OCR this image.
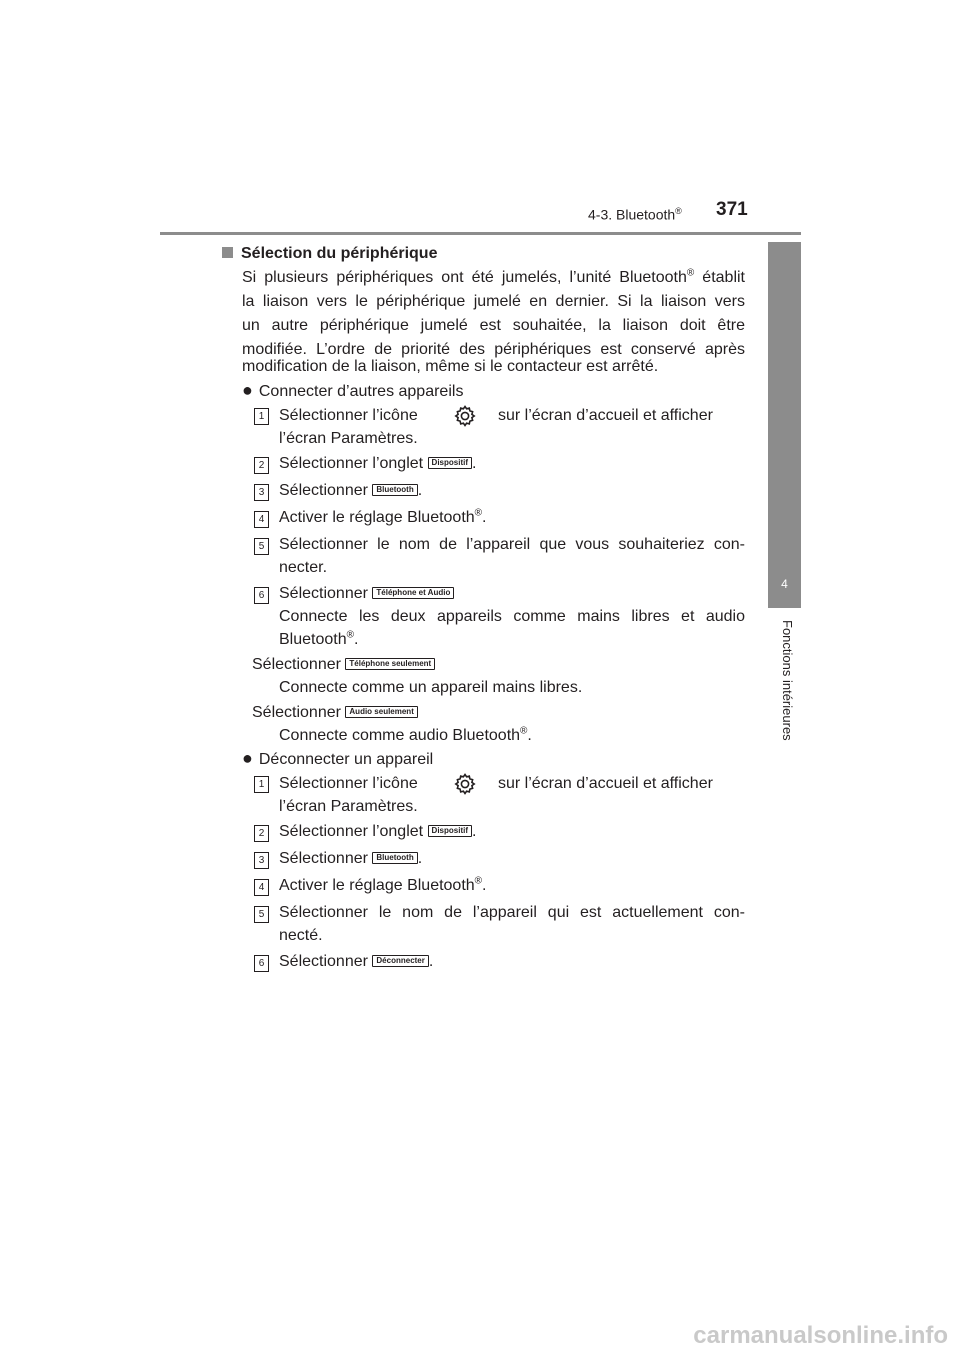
4-3. Bluetooth® 371
4
Fonctions intérieures
Sélection du périphérique
Si plusieurs périphériques ont été jumelés, l’unité Bluetooth® établit
la liaison vers le périphérique jumelé en dernier. Si la liaison vers
un autre périphérique jumelé est souhaitée, la liaison doit être
modifiée. L’ordre de priorité des périphériques est conservé après
modification de la liaison, même si le contacteur est arrêté.
● Connecter d’autres appareils
1 Sélectionner l’icône	sur l’écran d’accueil et afficher
l’écran Paramètres.
2 Sélectionner l’onglet Dispositif .
3 Sélectionner Bluetooth .
4 Activer le réglage Bluetooth®.
5 Sélectionner le nom de l’appareil que vous souhaiteriez con-
necter.
6 Sélectionner Téléphone et Audio
Connecte les deux appareils comme mains libres et audio
Bluetooth®.
Sélectionner Téléphone seulement
Connecte comme un appareil mains libres.
Sélectionner Audio seulement
Connecte comme audio Bluetooth®.
● Déconnecter un appareil
1 Sélectionner l’icône	sur l’écran d’accueil et afficher
l’écran Paramètres.
2 Sélectionner l’onglet Dispositif .
3 Sélectionner Bluetooth .
4 Activer le réglage Bluetooth®.
5 Sélectionner le nom de l’appareil qui est actuellement con-
necté.
6 Sélectionner Déconnecter .
carmanualsonline.info
